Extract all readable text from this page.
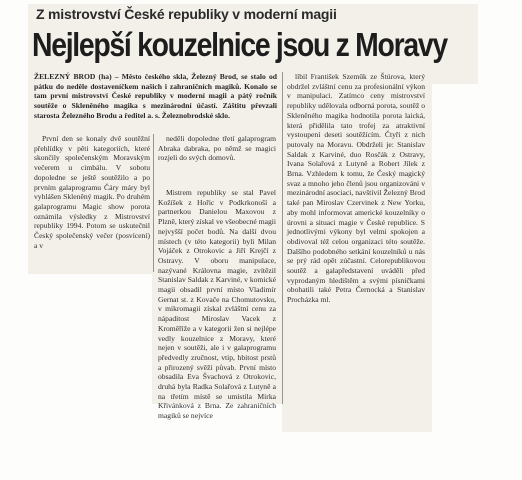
Z mistrovství České republiky v moderní magii
Nejlepší kouzelnice jsou z Moravy
ŽELEZNÝ BROD (ha) – Město českého skla, Železný Brod, se stalo od pátku do neděle dostaveníčkem našich i zahraničních magiků. Konalo se tam první mistrovství České republiky v moderní magii a pátý ročník soutěže o Skleněného magika s mezinárodní účastí. Záštitu převzali starosta Železného Brodu a ředitel a. s. Železnobrodské sklo.

První den se konaly dvě soutěžní přehlídky v pěti kategoriích, které skončily společenským Moravským večerem u cimbálu. V sobotu dopoledne se ještě soutěžilo a po prvním galaprogramu Čáry máry byl vyhlášen Skleněný magik. Po druhém galaprogramu Magic show porota oznámila výsledky z Mistrovství republiky 1994. Potom se uskutečnil Český společenský večer (posvícení) a v

neděli dopoledne třetí galaprogram Abraka dabraka, po němž se magici rozjeli do svých domovů.

Mistrem republiky se stal Pavel Kožíšek z Hořic v Podkrkonoší a partnerkou Danielou Maxovou z Plzně, který získal ve všeobecné magii nejvyšší počet bodů. Na další dvou místech (v této kategorii) byli Milan Vojáček z Otrokovic a Jiří Krejčí z Ostravy. V oboru manipulace, nazývané Královna magie, zvítězil Stanislav Saldak z Karviné, v komické magii obsadil první místo Vladimír Gernat st. z Kovače na Chomutovsku, v mikromagii získal zvláštní cenu za nápaditost Miroslav Vacek z Kroměříže a v kategorii žen si nejlépe vedly kouzelnice z Moravy, které nejen v soutěži, ale i v galaprogramu předvedly zručnost, vtip, hbitost prstů a přirozený svěží půvab. První místo obsadila Eva Švachová z Otrokovic, druhá byla Radka Solařová z Lutyně a na třetím místě se umístila Mirka Křivánková z Brna. Ze zahraničních magiků se nejvíce

líbil František Szeműk ze Štúrova, který obdržel zvláštní cenu za profesionální výkon v manipulaci. Zatímco ceny mistrovství republiky udělovala odborná porota, soutěž o Skleněného magika hodnotila porota laická, která přidělila tato trofej za atraktivní vystoupení deseti soutěžícím. Čtyři z nich putovaly na Moravu. Obdrželi je: Stanislav Saldak z Karviné, duo Rosčák z Ostravy, Ivana Solařová z Lutyně a Robert Jílek z Brna. Vzhledem k tomu, že Český magický svaz a mnoho jeho členů jsou organizováni v mezinárodní asociaci, navštívil Železný Brod také pan Miroslav Czervinek z New Yorku, aby mohl informovat americké kouzelníky o úrovni a situaci magie v České republice. S jednotlivými výkony byl velmi spokojen a obdivoval též celou organizaci této soutěže. Dalšího podobného setkání kouzelníků u nás se prý rád opět zúčastní. Celorepublikovou soutěž a galapředstavení uváděli před vyprodaným hledištěm a svými písničkami obohatili také Petra Černocká a Stanislav Procházka ml.
